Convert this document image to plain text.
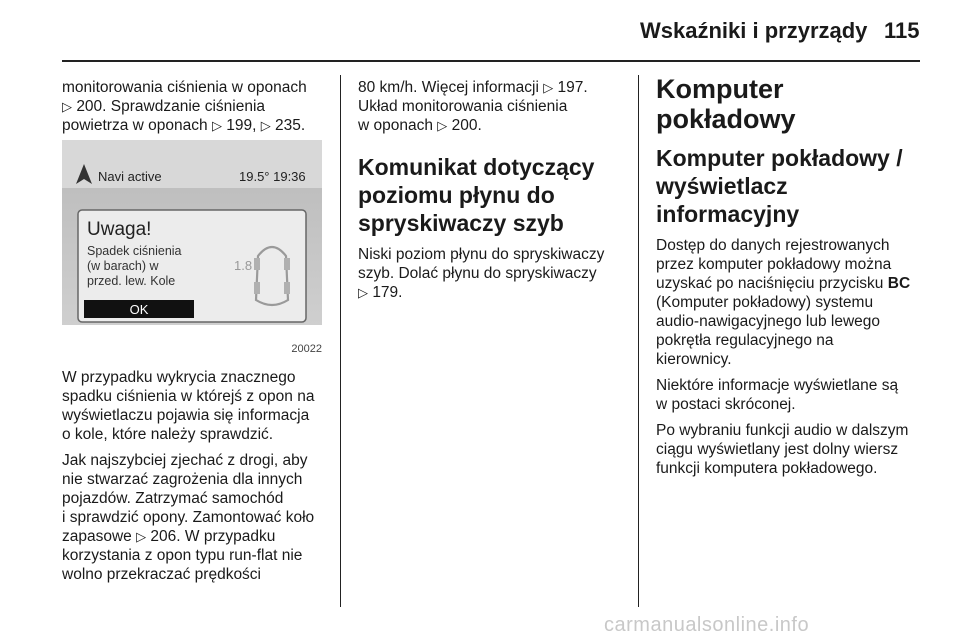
Wskaźniki i przyrządy 115

monitorowania ciśnienia w oponach
▷ 200. Sprawdzanie ciśnienia
powietrza w oponach ▷ 199, ▷ 235.

Navi active	19.5° 19:36
Uwaga!
Spadek ciśnienia
(w barach) w
przed. lew. Kole
1.8
OK
20022

W przypadku wykrycia znacznego
spadku ciśnienia w którejś z opon na
wyświetlaczu pojawia się informacja
o kole, które należy sprawdzić.

Jak najszybciej zjechać z drogi, aby
nie stwarzać zagrożenia dla innych
pojazdów. Zatrzymać samochód
i sprawdzić opony. Zamontować koło
zapasowe ▷ 206. W przypadku
korzystania z opon typu run-flat nie
wolno przekraczać prędkości

80 km/h. Więcej informacji ▷ 197.
Układ monitorowania ciśnienia
w oponach ▷ 200.

Komunikat dotyczący
poziomu płynu do
spryskiwaczy szyb

Niski poziom płynu do spryskiwaczy
szyb. Dolać płynu do spryskiwaczy
▷ 179.

Komputer pokładowy
Komputer pokładowy /
wyświetlacz informacyjny

Dostęp do danych rejestrowanych
przez komputer pokładowy można
uzyskać po naciśnięciu przycisku BC
(Komputer pokładowy) systemu
audio-nawigacyjnego lub lewego
pokrętła regulacyjnego na
kierownicy.

Niektóre informacje wyświetlane są
w postaci skróconej.

Po wybraniu funkcji audio w dalszym
ciągu wyświetlany jest dolny wiersz
funkcji komputera pokładowego.

carmanualsonline.info
